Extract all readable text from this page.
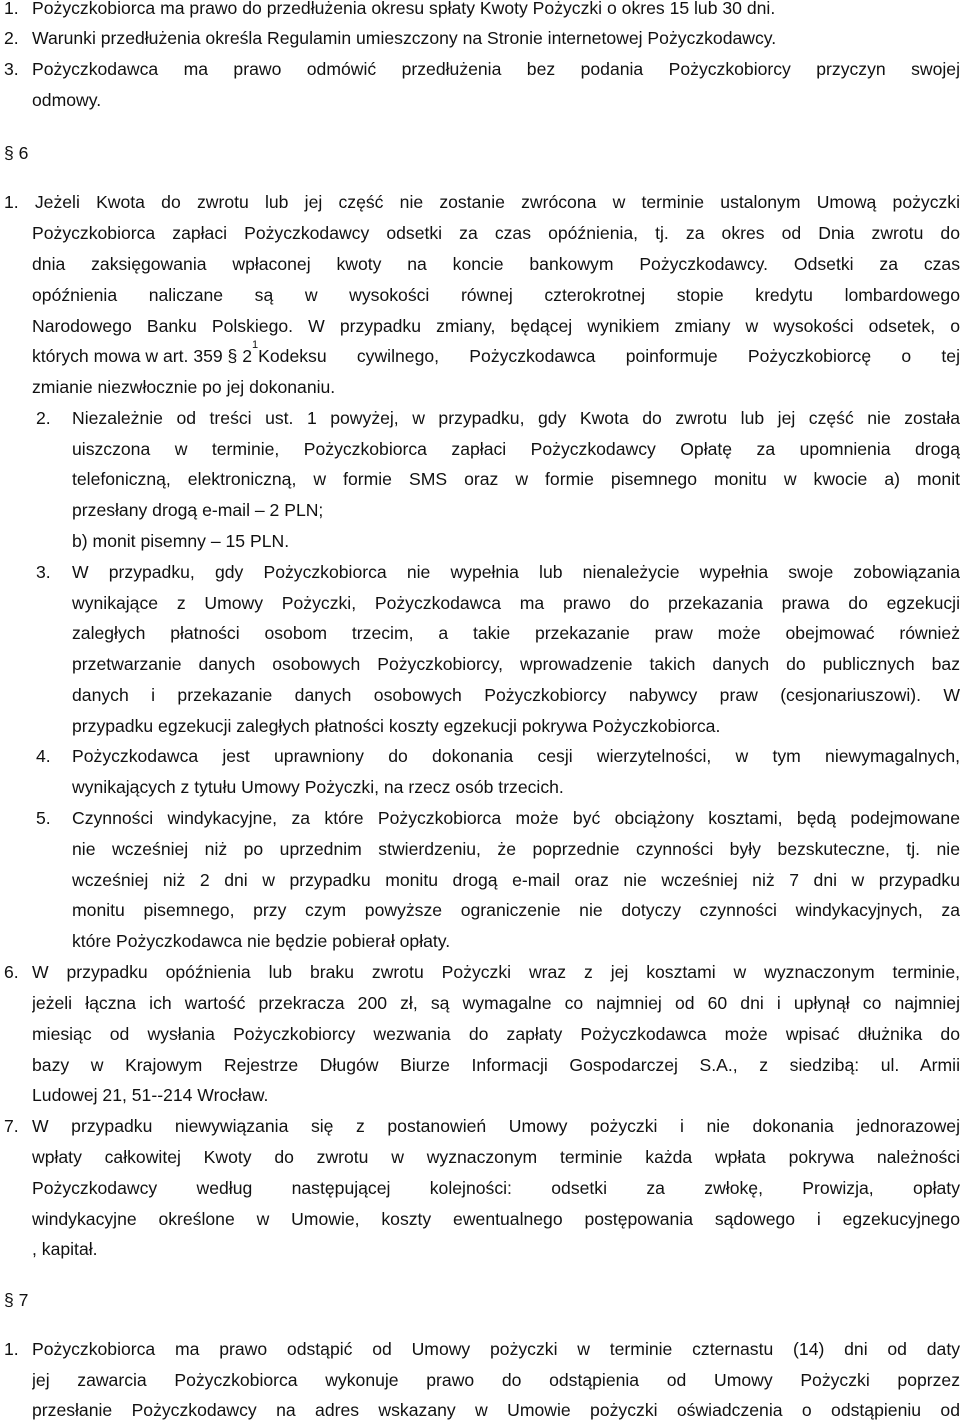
1. Pożyczkobiorca ma prawo do przedłużenia okresu spłaty Kwoty Pożyczki o okres 15 lub 30 dni.
2. Warunki przedłużenia określa Regulamin umieszczony na Stronie internetowej Pożyczkodawcy.
3. Pożyczkodawca ma prawo odmówić przedłużenia bez podania Pożyczkobiorcy przyczyn swojej
odmowy.
§ 6
1. Jeżeli Kwota do zwrotu lub jej część nie zostanie zwrócona w terminie ustalonym Umową pożyczki
Pożyczkobiorca zapłaci Pożyczkodawcy odsetki za czas opóźnienia, tj. za okres od Dnia zwrotu do
dnia zaksięgowania wpłaconej kwoty na koncie bankowym Pożyczkodawcy. Odsetki za czas
opóźnienia naliczane są w wysokości równej czterokrotnej stopie kredytu lombardowego
Narodowego Banku Polskiego. W przypadku zmiany, będącej wynikiem zmiany w wysokości odsetek, o
których mowa w art. 359 § 2
1
Kodeksu cywilnego, Pożyczkodawca poinformuje Pożyczkobiorcę o tej
zmianie niezwłocznie po jej dokonaniu.
2. Niezależnie od treści ust. 1 powyżej, w przypadku, gdy Kwota do zwrotu lub jej część nie została
uiszczona w terminie, Pożyczkobiorca zapłaci Pożyczkodawcy Opłatę za upomnienia drogą
telefoniczną, elektroniczną, w formie SMS oraz w formie pisemnego monitu w kwocie a) monit
przesłany drogą e-mail – 2 PLN;
b) monit pisemny – 15 PLN.
3. W przypadku, gdy Pożyczkobiorca nie wypełnia lub nienależycie wypełnia swoje zobowiązania
wynikające z Umowy Pożyczki, Pożyczkodawca ma prawo do przekazania prawa do egzekucji
zaległych płatności osobom trzecim, a takie przekazanie praw może obejmować również
przetwarzanie danych osobowych Pożyczkobiorcy, wprowadzenie takich danych do publicznych baz
danych i przekazanie danych osobowych Pożyczkobiorcy nabywcy praw (cesjonariuszowi). W
przypadku egzekucji zaległych płatności koszty egzekucji pokrywa Pożyczkobiorca.
4. Pożyczkodawca jest uprawniony do dokonania cesji wierzytelności, w tym niewymagalnych,
wynikających z tytułu Umowy Pożyczki, na rzecz osób trzecich.
5. Czynności windykacyjne, za które Pożyczkobiorca może być obciążony kosztami, będą podejmowane
nie wcześniej niż po uprzednim stwierdzeniu, że poprzednie czynności były bezskuteczne, tj. nie
wcześniej niż 2 dni w przypadku monitu drogą e-mail oraz nie wcześniej niż 7 dni w przypadku
monitu pisemnego, przy czym powyższe ograniczenie nie dotyczy czynności windykacyjnych, za
które Pożyczkodawca nie będzie pobierał opłaty.
6. W przypadku opóźnienia lub braku zwrotu Pożyczki wraz z jej kosztami w wyznaczonym terminie,
jeżeli łączna ich wartość przekracza 200 zł, są wymagalne co najmniej od 60 dni i upłynął co najmniej
miesiąc od wysłania Pożyczkobiorcy wezwania do zapłaty Pożyczkodawca może wpisać dłużnika do
bazy w Krajowym Rejestrze Długów Biurze Informacji Gospodarczej S.A., z siedzibą: ul. Armii
Ludowej 21, 51--214 Wrocław.
7. W przypadku niewywiązania się z postanowień Umowy pożyczki i nie dokonania jednorazowej
wpłaty całkowitej Kwoty do zwrotu w wyznaczonym terminie każda wpłata pokrywa należności
Pożyczkodawcy według następującej kolejności: odsetki za zwłokę, Prowizja, opłaty
windykacyjne określone w Umowie, koszty ewentualnego postępowania sądowego i egzekucyjnego
, kapitał.
§ 7
1. Pożyczkobiorca ma prawo odstąpić od Umowy pożyczki w terminie czternastu (14) dni od daty
jej zawarcia Pożyczkobiorca wykonuje prawo do odstąpienia od Umowy Pożyczki poprzez
przesłanie Pożyczkodawcy na adres wskazany w Umowie pożyczki oświadczenia o odstąpieniu od
